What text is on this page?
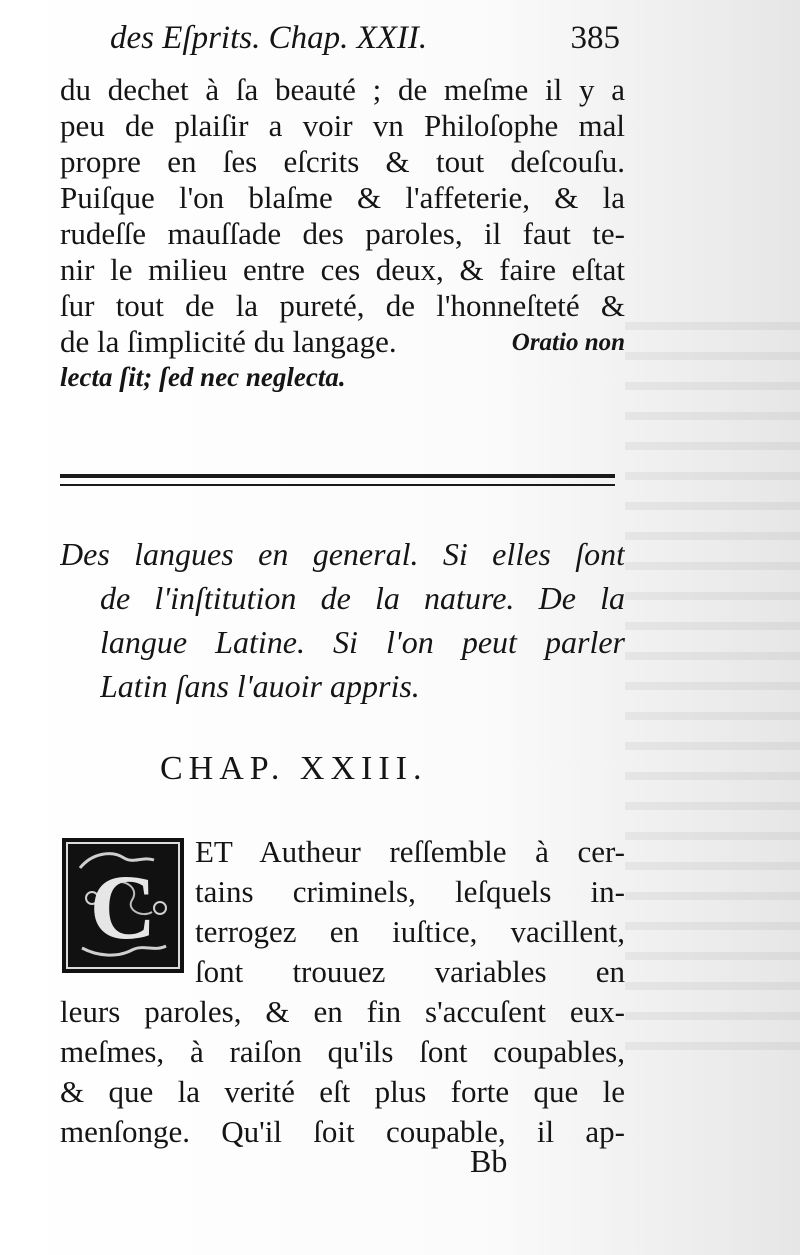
des Eſprits. Chap. XXII.	385
du dechet à ſa beauté ; de meſme il y a
peu de plaiſir a voir vn Philoſophe mal
propre en ſes eſcrits & tout deſcouſu.
Puiſque l'on blaſme & l'affeterie, & la
rudeſſe mauſſade des paroles, il faut te-
nir le milieu entre ces deux, & faire eſtat
ſur tout de la pureté, de l'honneſteté &
de la ſimplicité du langage.	Oratio non
lecta ſit; ſed nec neglecta.
Des langues en general. Si elles ſont
de l'inſtitution de la nature. De la
langue Latine. Si l'on peut parler
Latin ſans l'auoir appris.
CHAP. XXIII.
C
ET Autheur reſſemble à cer-
tains criminels, leſquels in-
terrogez en iuſtice, vacillent,
ſont trouuez variables en
leurs paroles, & en fin s'accuſent eux-
meſmes, à raiſon qu'ils ſont coupables,
& que la verité eſt plus forte que le
menſonge. Qu'il ſoit coupable, il ap-
Bb
